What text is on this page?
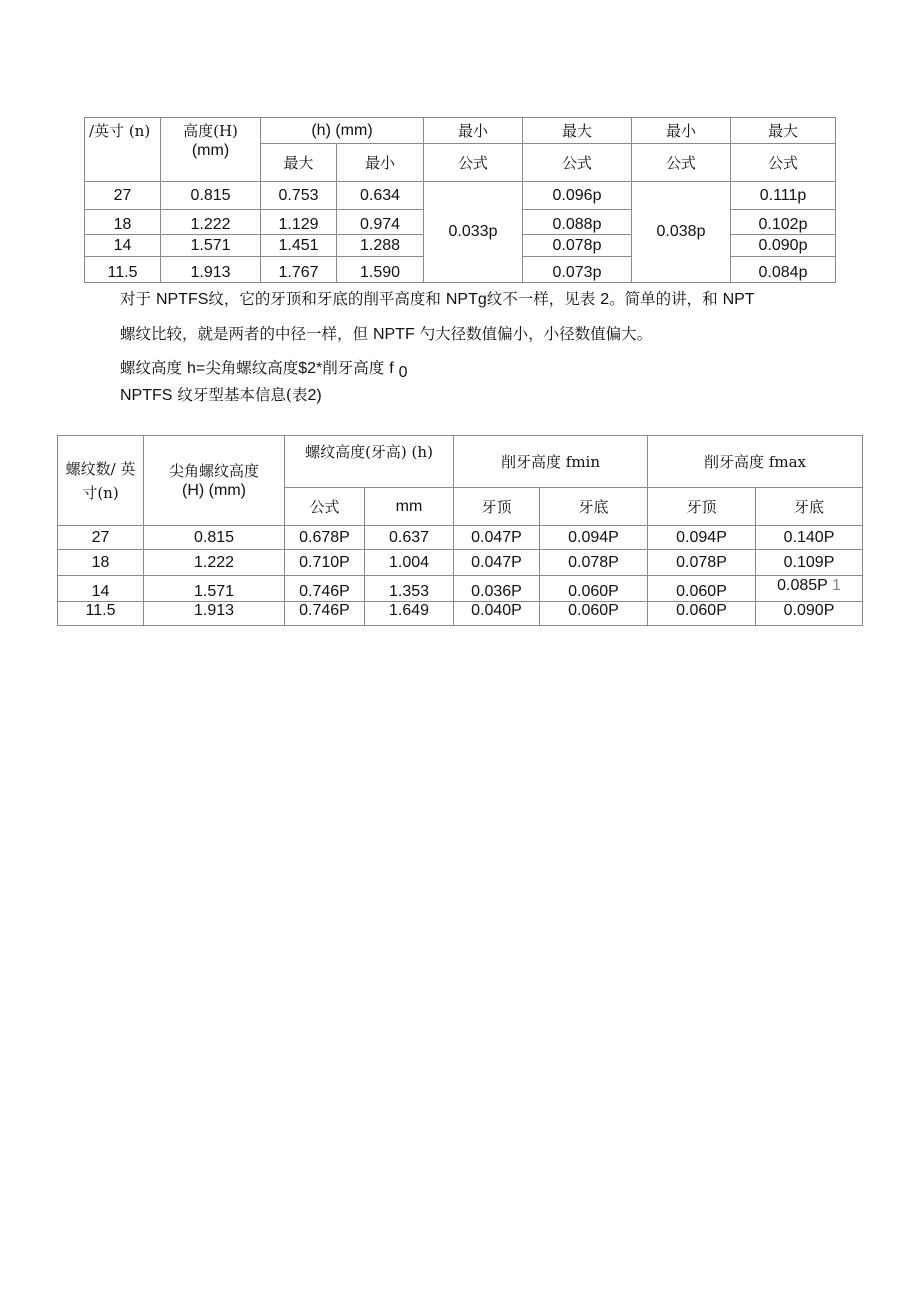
/英寸 (n)	高度(H)
(mm)	(h) (mm)		最小	最大	最小	最大
		最大	最小	公式	公式	公式	公式
27	0.815	0.753	0.634	0.033p	0.096p	0.038p	0.111p
18	1.222	1.129	0.974		0.088p		0.102p
14	1.571	1.451	1.288		0.078p		0.090p
11.5	1.913	1.767	1.590		0.073p		0.084p
对于 NPTFS纹，它的牙顶和牙底的削平高度和 NPTg纹不一样，见表 2。简单的讲，和 NPT
螺纹比较，就是两者的中径一样，但 NPTF 勺大径数值偏小，小径数值偏大。
螺纹高度 h=尖角螺纹高度$2*削牙高度 f $_0$
NPTFS 纹牙型基本信息(表2)
螺纹数/ 英寸(n)	尖角螺纹高度
(H) (mm)	螺纹高度(牙高) (h)		削牙高度 fmin		削牙高度 fmax	
		公式	mm	牙顶	牙底	牙顶	牙底
27	0.815	0.678P	0.637	0.047P	0.094P	0.094P	0.140P
18	1.222	0.710P	1.004	0.047P	0.078P	0.078P	0.109P
14	1.571	0.746P	1.353	0.036P	0.060P	0.060P	0.085P 1
11.5	1.913	0.746P	1.649	0.040P	0.060P	0.060P	0.090P
